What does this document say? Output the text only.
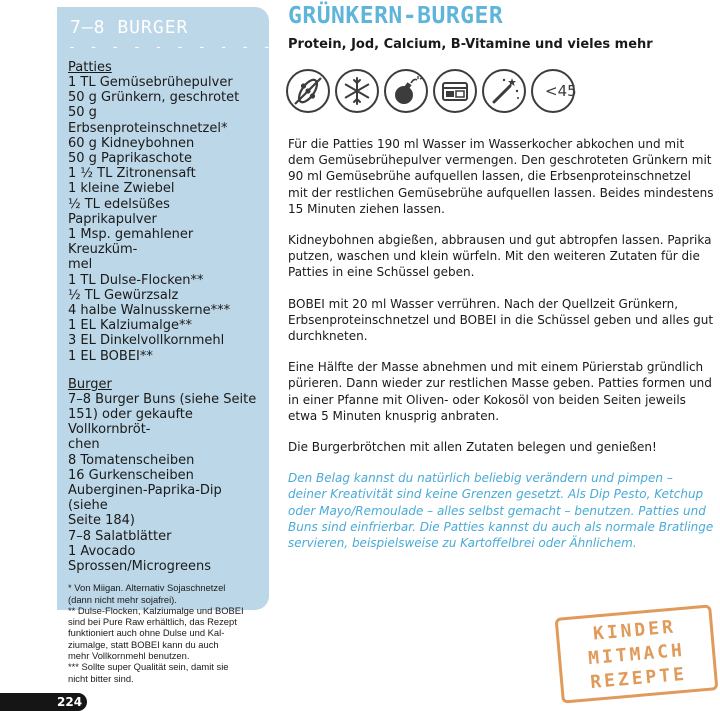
7–8 BURGER
- - - - - - - - - - - - -
Patties
1 TL Gemüsebrühepulver
50 g Grünkern, geschrotet
50 g Erbsenproteinschnetzel*
60 g Kidneybohnen
50 g Paprikaschote
1 ½ TL Zitronensaft
1 kleine Zwiebel
½ TL edelsüßes Paprikapulver
1 Msp. gemahlener Kreuzküm-
mel
1 TL Dulse-Flocken**
½ TL Gewürzsalz
4 halbe Walnusskerne***
1 EL Kalziumalge**
3 EL Dinkelvollkornmehl
1 EL BOBEI**
Burger
7–8 Burger Buns (siehe Seite
151) oder gekaufte Vollkornbröt-
chen
8 Tomatenscheiben
16 Gurkenscheiben
Auberginen-Paprika-Dip (siehe
Seite 184)
7–8 Salatblätter
1 Avocado
Sprossen/Microgreens

* Von Miigan. Alternativ Sojaschnetzel

(dann nicht mehr sojafrei).

** Dulse-Flocken, Kalziumalge und BOBEI

sind bei Pure Raw erhältlich, das Rezept

funktioniert auch ohne Dulse und Kal-

ziumalge, statt BOBEI kann du auch

mehr Vollkornmehl benutzen.

*** Sollte super Qualität sein, damit sie

nicht bitter sind.

GRÜNKERN-BURGER

Protein, Jod, Calcium, B-Vitamine und vieles mehr

<45

Für die Patties 190 ml Wasser im Wasserkocher abkochen und mit dem Gemüsebrühepulver vermengen. Den geschroteten Grünkern mit 90 ml Gemüsebrühe aufquellen lassen, die Erbsenproteinschnetzel mit der restlichen Gemüsebrühe aufquellen lassen. Beides mindestens 15 Minuten ziehen lassen.

Kidneybohnen abgießen, abbrausen und gut abtropfen lassen. Paprika putzen, waschen und klein würfeln. Mit den weiteren Zutaten für die Patties in eine Schüssel geben.

BOBEI mit 20 ml Wasser verrühren. Nach der Quellzeit Grünkern, Erbsenproteinschnetzel und BOBEI in die Schüssel geben und alles gut durchkneten.

Eine Hälfte der Masse abnehmen und mit einem Pürierstab gründlich pürieren. Dann wieder zur restlichen Masse geben. Patties formen und in einer Pfanne mit Oliven- oder Kokosöl von beiden Seiten jeweils etwa 5 Minuten knusprig anbraten.

Die Burgerbrötchen mit allen Zutaten belegen und genießen!

Den Belag kannst du natürlich beliebig verändern und pimpen – deiner Kreativität sind keine Grenzen gesetzt. Als Dip Pesto, Ketchup oder Mayo/Remoulade – alles selbst gemacht – benutzen. Patties und Buns sind einfrierbar. Die Patties kannst du auch als normale Bratlinge servieren, beispielsweise zu Kartoffelbrei oder Ähnlichem.

KINDER
MITMACH
REZEPTE
224
